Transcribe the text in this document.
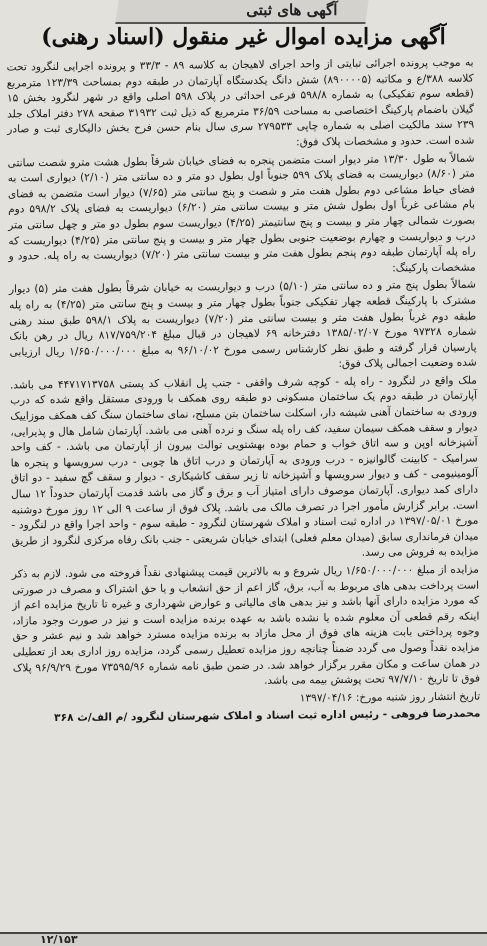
آگهی های ثبتی
آگهی مزایده اموال غیر منقول (اسناد رهنی)

به موجب پرونده اجرائی تبایتی از واحد اجرای لاهیجان به کلاسه ۸۹ - ۳۳/۳ و پرونده اجرایی لنگرود تحت کلاسه ۳۸۸/ع و مکاتبه (۸۹۰۰۰۰۵) شش دانگ یکدستگاه آپارتمان در طبقه دوم بمساحت ۱۲۳/۳۹ مترمربع (قطعه سوم تفکیکی) به شماره ۵۹۸/۸ فرعی احداثی در پلاک ۵۹۸ اصلی واقع در شهر لنگرود بخش ۱۵ گیلان باضمام پارکینگ اختصاصی به مساحت ۳۶/۵۹ مترمربع که ذیل ثبت ۳۱۹۳۲ صفحه ۲۷۸ دفتر املاک جلد ۲۳۹ سند مالکیت اصلی به شماره چاپی ۲۷۹۵۳۳ سری سال بنام حسن فرح بخش دالیکاری ثبت و صادر شده است. حدود و مشخصات پلاک فوق:

شمالاً به طول ۱۳/۳۰ متر دیوار است متضمن پنجره به فضای خیابان شرقاً بطول هشت مترو شصت سانتی متر (۸/۶۰) دیواریست به فضای پلاک ۵۹۹ جنوباً اول بطول دو متر و ده سانتی متر (۲/۱۰) دیواری است به فضای حیاط مشاعی دوم بطول هفت متر و شصت و پنج سانتی متر (۷/۶۵) دیوار است متضمن به فضای بام مشاعی غرباً اول بطول شش متر و بیست سانتی متر (۶/۲۰) دیواریست به فضای پلاک ۵۹۸/۲ دوم بصورت شمالی چهار متر و بیست و پنج سانتیمتر (۴/۲۵) دیواریست سوم بطول دو متر و چهل سانتی متر درب و دیواریست و چهارم بوضعیت جنوبی بطول چهار متر و بیست و پنج سانتی متر (۴/۲۵) دیواریست که راه پله آپارتمان طبقه دوم پنجم بطول هفت متر و بیست سانتی متر (۷/۲۰) دیواریست به راه پله. حدود و مشخصات پارکینگ:

شمالاً بطول پنج متر و ده سانتی متر (۵/۱۰) درب و دیواریست به خیابان شرقاً بطول هفت متر (۵) دیوار مشترک با پارکینگ قطعه چهار تفکیکی جنوباً بطول چهار متر و بیست و پنج سانتی متر (۴/۲۵) به راه پله طبقه دوم غرباً بطول هفت متر و بیست سانتی متر (۷/۲۰) دیواریست به پلاک ۵۹۸/۱ طبق سند رهنی شماره ۹۷۳۲۸ مورخ ۱۳۸۵/۰۲/۰۷ دفترخانه ۶۹ لاهیجان در قبال مبلغ ۸۱۷/۷۵۹/۲۰۴ ریال در رهن بانک پارسیان قرار گرفته و طبق نظر کارشناس رسمی مورخ ۹۶/۱۰/۰۲ به مبلغ ۱/۶۵۰/۰۰۰/۰۰۰ ریال ارزیابی شده وضعیت اجمالی پلاک فوق:

ملک واقع در لنگرود - راه پله - کوچه شرف واقفی - جنب پل انقلاب کد پستی ۴۴۷۱۷۱۳۷۵۸ می باشد. آپارتمان در طبقه دوم یک ساختمان مسکونی دو طبقه روی همکف با ورودی مستقل واقع شده که درب ورودی به ساختمان آهنی شیشه دار، اسکلت ساختمان بتن مسلح، نمای ساختمان سنگ کف همکف موزاییک دیوار و سقف همکف سیمان سفید، کف راه پله سنگ و نرده آهنی می باشد. آپارتمان شامل هال و پذیرایی، آشپزخانه اوپن و سه اتاق خواب و حمام بوده بهشتویی توالت بیرون از آپارتمان می باشد. - کف واحد سرامیک - کابینت گالوانیزه - درب ورودی به آپارتمان و درب اتاق ها چوبی - درب سرویسها و پنجره ها آلومینیومی - کف و دیوار سرویسها و آشپزخانه تا زیر سقف کاشیکاری - دیوار و سقف گچ سفید - دو اتاق دارای کمد دیواری. آپارتمان موصوف دارای امتیاز آب و برق و گاز می باشد قدمت آپارتمان حدوداً ۱۲ سال است. برابر گزارش مأمور اجرا در تصرف مالک می باشد. پلاک فوق از ساعت ۹ الی ۱۲ روز مورخ دوشنبه مورخ ۱۳۹۷/۰۵/۰۱ در اداره ثبت اسناد و املاک شهرستان لنگرود - طبقه سوم - واحد اجرا واقع در لنگرود - میدان فرمانداری سابق (میدان معلم فعلی) ابتدای خیابان شریعتی - جنب بانک رفاه مرکزی لنگرود از طریق مزایده به فروش می رسد.

مزایده از مبلغ ۱/۶۵۰/۰۰۰/۰۰۰ ریال شروع و به بالاترین قیمت پیشنهادی نقداً فروخته می شود. لازم به ذکر است پرداخت بدهی های مربوط به آب، برق، گاز اعم از حق انشعاب و یا حق اشتراک و مصرف در صورتی که مورد مزایده دارای آنها باشد و نیز بدهی های مالیاتی و عوارض شهرداری و غیره تا تاریخ مزایده اعم از اینکه رقم قطعی آن معلوم شده یا نشده باشد به عهده برنده مزایده است و نیز در صورت وجود مازاد، وجوه پرداختی بابت هزینه های فوق از محل مازاد به برنده مزایده مسترد خواهد شد و نیم عشر و حق مزایده نقداً وصول می گردد ضمناً چنانچه روز مزایده تعطیل رسمی گردد، مزایده روز اداری بعد از تعطیلی در همان ساعت و مکان مقرر برگزار خواهد شد. در ضمن طبق نامه شماره ۷۳۵۹۵/۹۶ مورخ ۹۶/۹/۲۹ پلاک فوق تا تاریخ ۹۷/۷/۱۰ تحت پوشش بیمه می باشد.

تاریخ انتشار روز شنبه مورخ: ۱۳۹۷/۰۴/۱۶

محمدرضا فروهی - رئیس اداره ثبت اسناد و املاک شهرستان لنگرود /م الف/ث ۳۶۸

۱۲/۱۵۳
